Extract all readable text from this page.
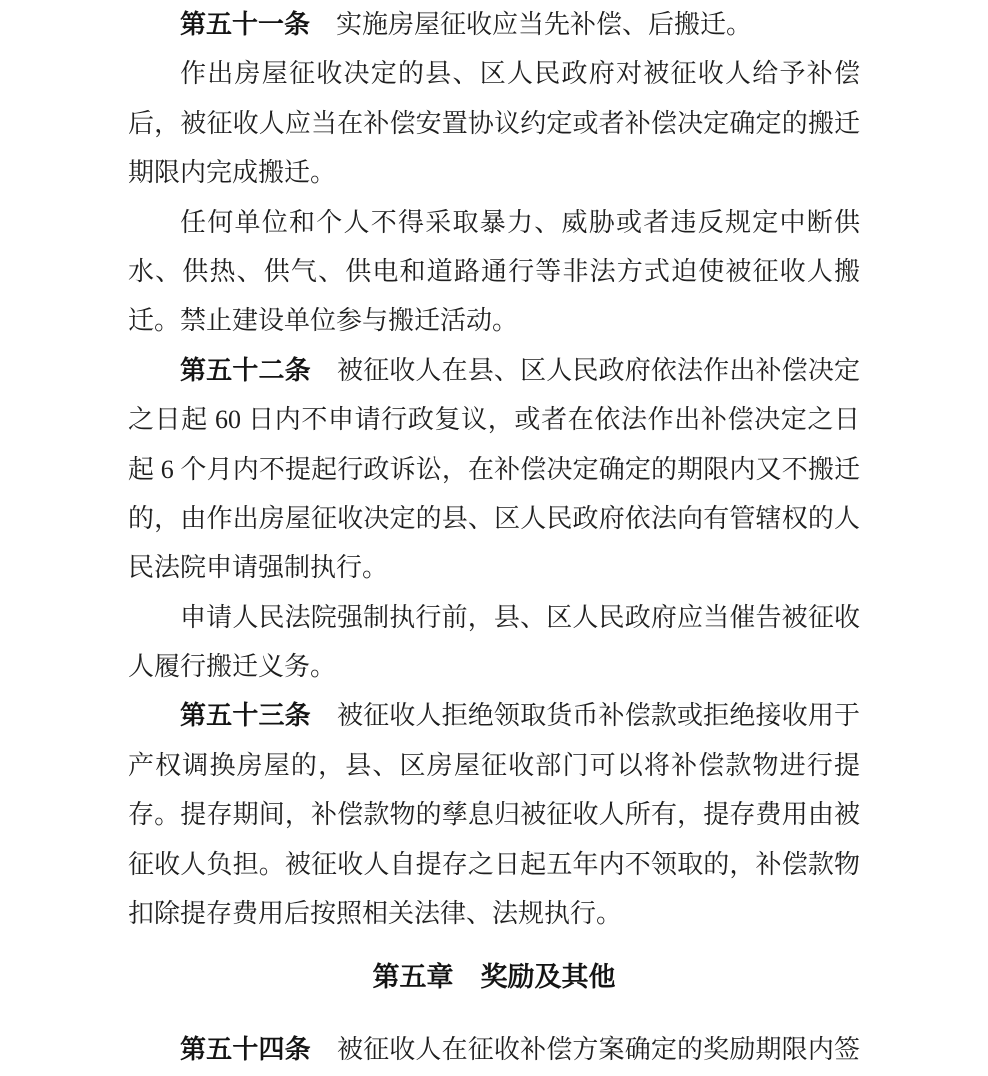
第五十一条　实施房屋征收应当先补偿、后搬迁。
作出房屋征收决定的县、区人民政府对被征收人给予补偿
后，被征收人应当在补偿安置协议约定或者补偿决定确定的搬迁
期限内完成搬迁。
任何单位和个人不得采取暴力、威胁或者违反规定中断供
水、供热、供气、供电和道路通行等非法方式迫使被征收人搬
迁。禁止建设单位参与搬迁活动。
第五十二条　被征收人在县、区人民政府依法作出补偿决定
之日起 60 日内不申请行政复议，或者在依法作出补偿决定之日
起 6 个月内不提起行政诉讼，在补偿决定确定的期限内又不搬迁
的，由作出房屋征收决定的县、区人民政府依法向有管辖权的人
民法院申请强制执行。
申请人民法院强制执行前，县、区人民政府应当催告被征收
人履行搬迁义务。
第五十三条　被征收人拒绝领取货币补偿款或拒绝接收用于
产权调换房屋的，县、区房屋征收部门可以将补偿款物进行提
存。提存期间，补偿款物的孳息归被征收人所有，提存费用由被
征收人负担。被征收人自提存之日起五年内不领取的，补偿款物
扣除提存费用后按照相关法律、法规执行。
第五章　奖励及其他
第五十四条　被征收人在征收补偿方案确定的奖励期限内签
